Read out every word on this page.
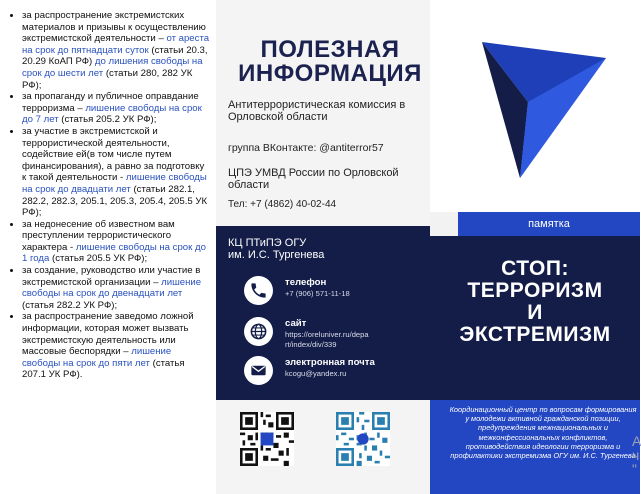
• за распространение экстремистских материалов и призывы к осуществлению экстремистской деятельности – от ареста на срок до пятнадцати суток (статьи 20.3, 20.29 КоАП РФ) до лишения свободы на срок до шести лет (статьи 280, 282 УК РФ);
• за пропаганду и публичное оправдание терроризма – лишение свободы на срок до 7 лет (статья 205.2 УК РФ);
• за участие в экстремистской и террористической деятельности, содействие ей(в том числе путем финансирования), а равно за подготовку к такой деятельности - лишение свободы на срок до двадцати лет (статьи 282.1, 282.2, 282.3, 205.1, 205.3, 205.4, 205.5 УК РФ);
• за недонесение об известном вам преступлении террористического характера - лишение свободы на срок до 1 года (статья 205.5 УК РФ);
• за создание, руководство или участие в экстремистской организации – лишение свободы на срок до двенадцати лет (статья 282.2 УК РФ);
• за распространение заведомо ложной информации, которая может вызвать экстремистскую деятельность или массовые беспорядки – лишение свободы на срок до пяти лет (статья 207.1 УК РФ).
ПОЛЕЗНАЯ ИНФОРМАЦИЯ
Антитеррористическая комиссия в Орловской области
группа ВКонтакте: @antiterror57
ЦПЭ УМВД России по Орловской области
Тел: +7 (4862) 40-02-44
КЦ ПТиПЭ ОГУ
им. И.С. Тургенева
телефон
+7 (906) 571-11-18
сайт
https://oreluniver.ru/depa rt/index/div/339
электронная почта
kcogu@yandex.ru
памятка
СТОП:
ТЕРРОРИЗМ
И
ЭКСТРЕМИЗМ
Координационный центр по вопросам формирования у молодежи активной гражданской позиции, предупреждения межнациональных и межконфессиональных конфликтов, противодействия идеологии терроризма и профилактики экстремизма ОГУ им. И.С. Тургенева
А ч "
